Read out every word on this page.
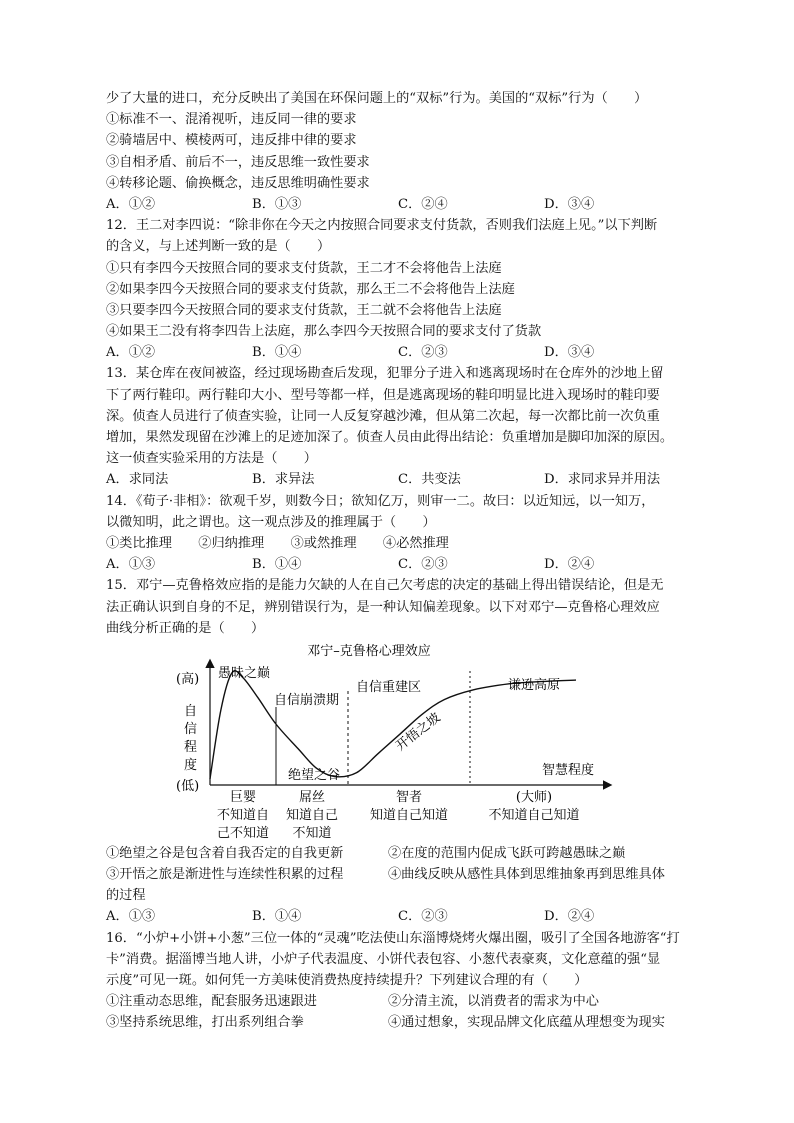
少了大量的进口，充分反映出了美国在环保问题上的“双标”行为。美国的“双标”行为（　　）
①标准不一、混淆视听，违反同一律的要求
②骑墙居中、模棱两可，违反排中律的要求
③自相矛盾、前后不一，违反思维一致性要求
④转移论题、偷换概念，违反思维明确性要求
A．①②	B．①③	C．②④	D．③④
12．王二对李四说：“除非你在今天之内按照合同要求支付货款，否则我们法庭上见。”以下判断
的含义，与上述判断一致的是（　　）
①只有李四今天按照合同的要求支付货款，王二才不会将他告上法庭
②如果李四今天按照合同的要求支付货款，那么王二不会将他告上法庭
③只要李四今天按照合同的要求支付货款，王二就不会将他告上法庭
④如果王二没有将李四告上法庭，那么李四今天按照合同的要求支付了货款
A．①②	B．①④	C．②③	D．③④
13．某仓库在夜间被盗，经过现场勘查后发现，犯罪分子进入和逃离现场时在仓库外的沙地上留
下了两行鞋印。两行鞋印大小、型号等都一样，但是逃离现场的鞋印明显比进入现场时的鞋印要
深。侦查人员进行了侦查实验，让同一人反复穿越沙滩，但从第二次起，每一次都比前一次负重
增加，果然发现留在沙滩上的足迹加深了。侦查人员由此得出结论：负重增加是脚印加深的原因。
这一侦查实验采用的方法是（　　）
A．求同法	B．求异法	C．共变法	D．求同求异并用法
14．《荀子·非相》：欲观千岁，则数今日；欲知亿万，则审一二。故曰：以近知远，以一知万，
以微知明，此之谓也。这一观点涉及的推理属于（　　）
①类比推理　　②归纳推理　　③或然推理　　④必然推理
A．①③	B．①④	C．②③	D．②④
15．邓宁—克鲁格效应指的是能力欠缺的人在自己欠考虑的决定的基础上得出错误结论，但是无
法正确认识到自身的不足，辨别错误行为，是一种认知偏差现象。以下对邓宁—克鲁格心理效应
曲线分析正确的是（　　）
邓宁–克鲁格心理效应
(高)
(低)
自
信
程
度
愚昧之巅
自信崩溃期
自信重建区
开悟之坡
绝望之谷
谦逊高原
智慧程度
巨婴	屌丝	智者	(大师)
不知道自
己不知道
知道自己
不知道
知道自己知道	不知道自己知道
①绝望之谷是包含着自我否定的自我更新	②在度的范围内促成飞跃可跨越愚昧之巅
③开悟之旅是渐进性与连续性积累的过程	④曲线反映从感性具体到思维抽象再到思维具体
的过程
A．①③	B．①④	C．②③	D．②④
16．“小炉+小饼+小葱”三位一体的“灵魂”吃法使山东淄博烧烤火爆出圈，吸引了全国各地游客“打
卡”消费。据淄博当地人讲，小炉子代表温度、小饼代表包容、小葱代表豪爽，文化意蕴的强“显
示度”可见一斑。如何凭一方美味使消费热度持续提升？下列建议合理的有（　　）
①注重动态思维，配套服务迅速跟进	②分清主流，以消费者的需求为中心
③坚持系统思维，打出系列组合拳	④通过想象，实现品牌文化底蕴从理想变为现实
